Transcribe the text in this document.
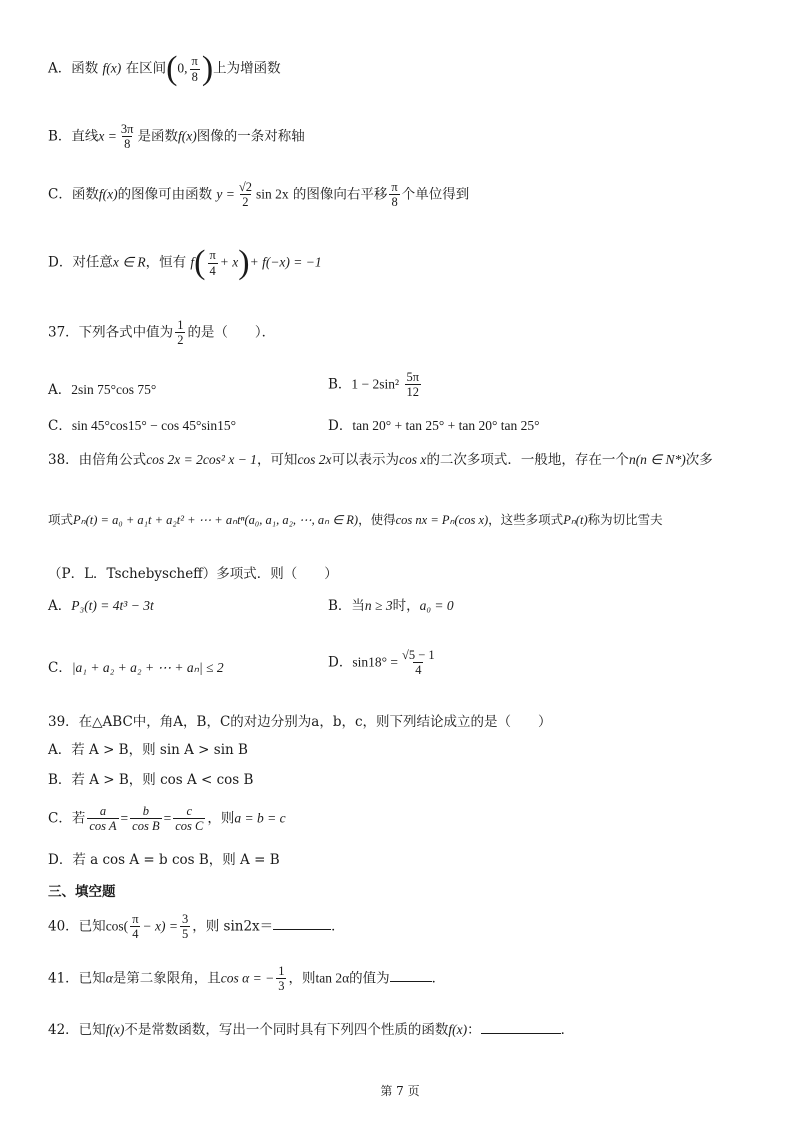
A．函数 f(x) 在区间(0, $\frac{\pi}{8}$ )上为增函数
B．直线$x = \frac{3\pi}{8}$ 是函数f(x)图像的一条对称轴
C．函数f(x)的图像可由函数 $y = \frac{√2}{2}$ sin 2x 的图像向右平移 $\frac{\pi}{8}$ 个单位得到
D．对任意x ∈ R，恒有 $f( \frac{\pi}{4} + x)+ f(-x) = -1$
37．下列各式中值为 $\frac{1}{2}$ 的是（　　）．
A．2sin 75°cos 75°	B．$1 - 2\sin^2 \frac{5\pi}{12}$
C．sin 45°cos15° − cos 45°sin15°	D．tan 20° + tan 25° + tan 20° tan 25°
38．由倍角公式cos 2x = 2cos² x − 1，可知cos 2x可以表示为cos x的二次多项式．一般地，存在一个n(n ∈ N*)次多
项式Pₙ(t) = a₀ + a₁t + a₂t² + ⋯ + aₙtⁿ(a₀, a₁, a₂, ⋯, aₙ ∈ R)，使得cos nx = Pₙ(cos x)，这些多项式Pₙ(t)称为切比雪夫
（P．L．Tschebyscheff）多项式．则（　　）
A．P₃(t) = 4t³ − 3t	B．当n ≥ 3时，a₀ = 0
C．|a₁ + a₂ + a₂ + ⋯ + aₙ| ≤ 2	D．$\sin 18^\circ = \frac{√5 - 1}{4}$
39．在△ABC中，角A，B，C的对边分别为a，b，c，则下列结论成立的是（　　）
A．若 A > B，则 sin A > sin B
B．若 A > B，则 cos A < cos B
C．若 $\frac{a}{\text{cos A}} = \frac{b}{\text{cos B}} = \frac{c}{\text{cos C}}$ ，则a = b = c
D．若 a cos A = b cos B，则 A = B
三、填空题
40．已知$\cos( \frac{\pi}{4} - x) = \frac{3}{5}$ ，则 sin2x＝	．
41．已知α是第二象限角，且cos α = − $\frac{1}{3}$ ，则tan 2α的值为	．
42．已知f(x)不是常数函数，写出一个同时具有下列四个性质的函数f(x)：	．
第 7 页
